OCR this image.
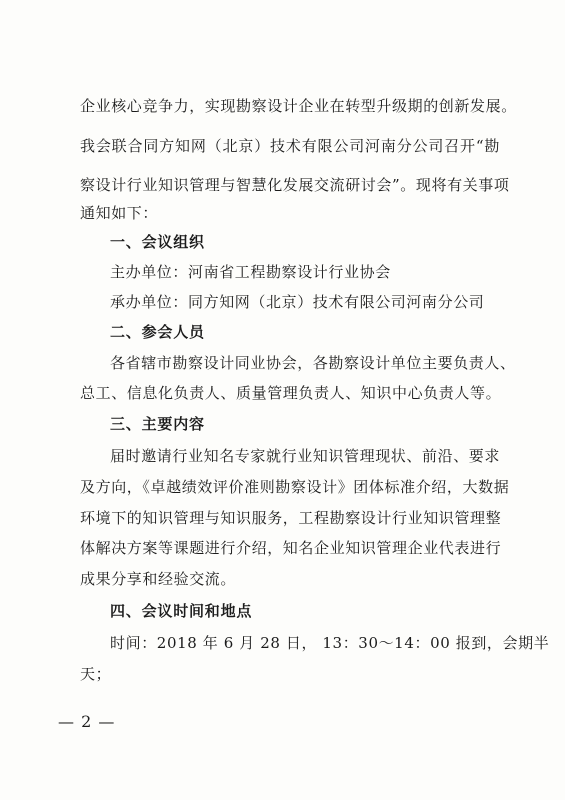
企业核心竞争力，实现勘察设计企业在转型升级期的创新发展。
我会联合同方知网（北京）技术有限公司河南分公司召开“勘
察设计行业知识管理与智慧化发展交流研讨会”。现将有关事项
通知如下：
一、会议组织
主办单位：河南省工程勘察设计行业协会
承办单位：同方知网（北京）技术有限公司河南分公司
二、参会人员
各省辖市勘察设计同业协会，各勘察设计单位主要负责人、
总工、信息化负责人、质量管理负责人、知识中心负责人等。
三、主要内容
届时邀请行业知名专家就行业知识管理现状、前沿、要求
及方向，《卓越绩效评价准则勘察设计》团体标准介绍，大数据
环境下的知识管理与知识服务，工程勘察设计行业知识管理整
体解决方案等课题进行介绍，知名企业知识管理企业代表进行
成果分享和经验交流。
四、会议时间和地点
时间：2018 年 6 月 28 日， 13：30～14：00 报到，会期半
天；
— 2 —
